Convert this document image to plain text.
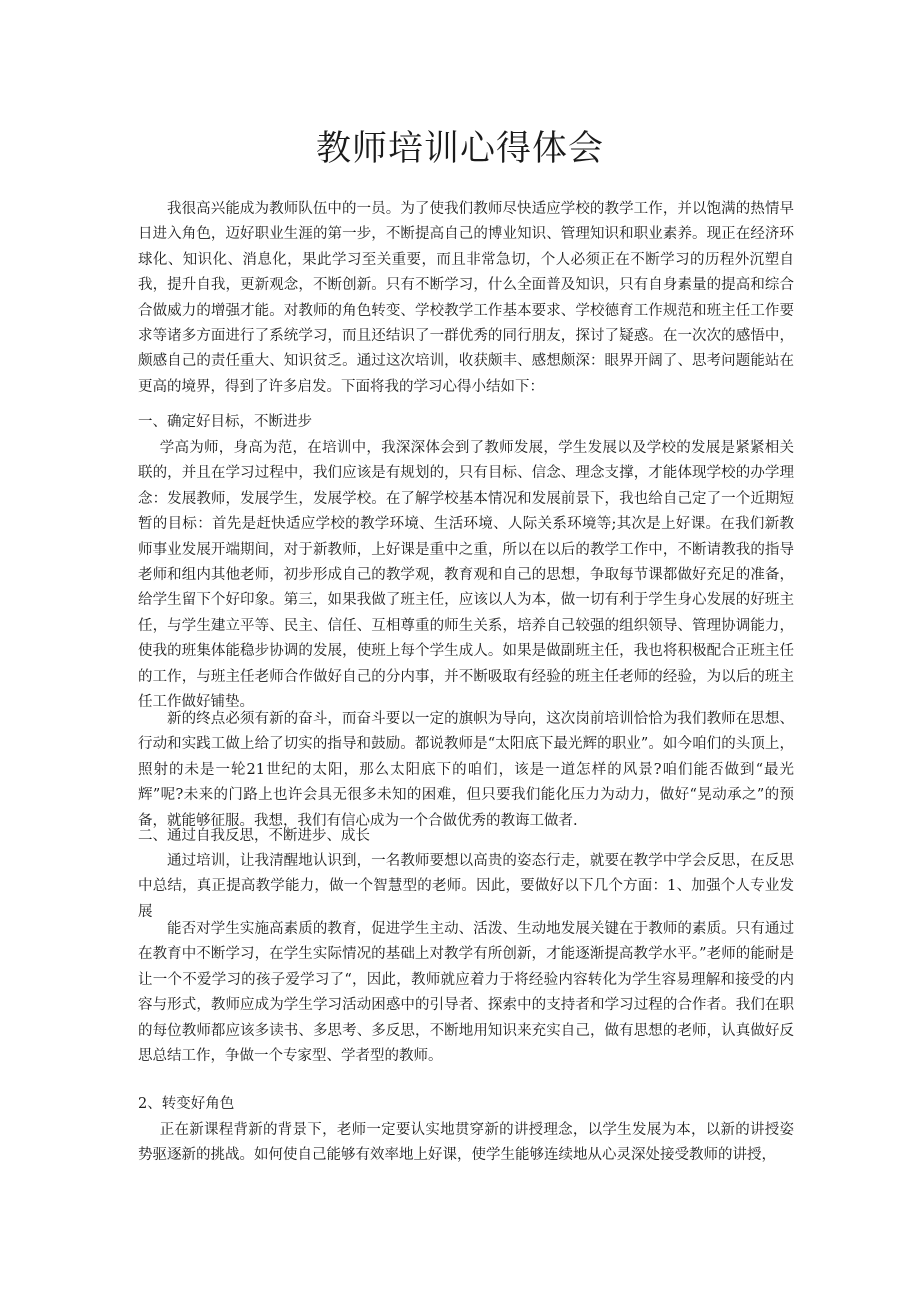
教师培训心得体会

我很高兴能成为教师队伍中的一员。为了使我们教师尽快适应学校的教学工作，并以饱满的热情早日进入角色，迈好职业生涯的第一步，不断提高自己的博业知识、管理知识和职业素养。现正在经济环球化、知识化、消息化，果此学习至关重要，而且非常急切，个人必须正在不断学习的历程外沉塑自我，提升自我，更新观念，不断创新。只有不断学习，什么全面普及知识，只有自身素量的提高和综合合做威力的增强才能。对教师的角色转变、学校教学工作基本要求、学校德育工作规范和班主任工作要求等诸多方面进行了系统学习，而且还结识了一群优秀的同行朋友，探讨了疑惑。在一次次的感悟中，颇感自己的责任重大、知识贫乏。通过这次培训，收获颇丰、感想颇深：眼界开阔了、思考问题能站在更高的境界，得到了许多启发。下面将我的学习心得小结如下：

一、确定好目标，不断进步

学高为师，身高为范，在培训中，我深深体会到了教师发展，学生发展以及学校的发展是紧紧相关联的，并且在学习过程中，我们应该是有规划的，只有目标、信念、理念支撑，才能体现学校的办学理念：发展教师，发展学生，发展学校。在了解学校基本情况和发展前景下，我也给自己定了一个近期短暂的目标：首先是赶快适应学校的教学环境、生活环境、人际关系环境等;其次是上好课。在我们新教师事业发展开端期间，对于新教师，上好课是重中之重，所以在以后的教学工作中，不断请教我的指导老师和组内其他老师，初步形成自己的教学观，教育观和自己的思想，争取每节课都做好充足的准备，给学生留下个好印象。第三，如果我做了班主任，应该以人为本，做一切有利于学生身心发展的好班主任，与学生建立平等、民主、信任、互相尊重的师生关系，培养自己较强的组织领导、管理协调能力，使我的班集体能稳步协调的发展，使班上每个学生成人。如果是做副班主任，我也将积极配合正班主任的工作，与班主任老师合作做好自己的分内事，并不断吸取有经验的班主任老师的经验，为以后的班主任工作做好铺垫。

新的终点必须有新的奋斗，而奋斗要以一定的旗帜为导向，这次岗前培训恰恰为我们教师在思想、行动和实践工做上给了切实的指导和鼓励。都说教师是“太阳底下最光辉的职业”。如今咱们的头顶上，照射的未是一轮21世纪的太阳，那么太阳底下的咱们，该是一道怎样的风景?咱们能否做到“最光辉”呢?未来的门路上也许会具无很多未知的困难，但只要我们能化压力为动力，做好“晃动承之”的预备，就能够征服。我想，我们有信心成为一个合做优秀的教诲工做者.

二、通过自我反思，不断进步、成长

通过培训，让我清醒地认识到，一名教师要想以高贵的姿态行走，就要在教学中学会反思，在反思中总结，真正提高教学能力，做一个智慧型的老师。因此，要做好以下几个方面：1、加强个人专业发展

能否对学生实施高素质的教育，促进学生主动、活泼、生动地发展关键在于教师的素质。只有通过在教育中不断学习，在学生实际情况的基础上对教学有所创新，才能逐渐提高教学水平。”老师的能耐是让一个不爱学习的孩子爱学习了“，因此，教师就应着力于将经验内容转化为学生容易理解和接受的内容与形式，教师应成为学生学习活动困惑中的引导者、探索中的支持者和学习过程的合作者。我们在职的每位教师都应该多读书、多思考、多反思，不断地用知识来充实自己，做有思想的老师，认真做好反思总结工作，争做一个专家型、学者型的教师。

2、转变好角色

正在新课程背新的背景下，老师一定要认实地贯穿新的讲授理念，以学生发展为本，以新的讲授姿势驱逐新的挑战。如何使自己能够有效率地上好课，使学生能够连续地从心灵深处接受教师的讲授，
